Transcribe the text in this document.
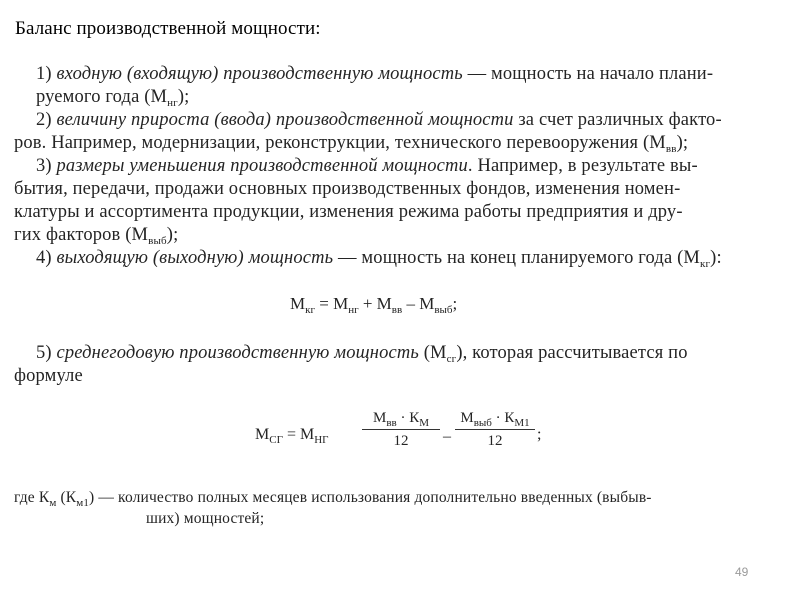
Баланс производственной мощности:
1) входную (входящую) производственную мощность — мощность на начало плани-
руемого года $(М_{нг})$;
2) величину прироста (ввода) производственной мощности за счет различных факто-
ров. Например, модернизации, реконструкции, технического перевооружения $(М_{вв})$;
3) размеры уменьшения производственной мощности. Например, в результате вы-
бытия, передачи, продажи основных производственных фондов, изменения номен-
клатуры и ассортимента продукции, изменения режима работы предприятия и дру-
гих факторов $(М_{выб})$;
4) выходящую (выходную) мощность — мощность на конец планируемого года $(М_{кг})$:
$М_{кг} = М_{нг} + М_{вв} - М_{выб}$;
5) среднегодовую производственную мощность $(М_{сг})$, которая рассчитывается по
формуле
$М_{СГ} = М_{НГ}$
$М_{вв} \cdot К_М$
12	–
$М_{выб} \cdot К_{М1}$
12	;
где $К_м$ $(К_{м1})$ — количество полных месяцев использования дополнительно введенных (выбыв-
ших) мощностей;
49
